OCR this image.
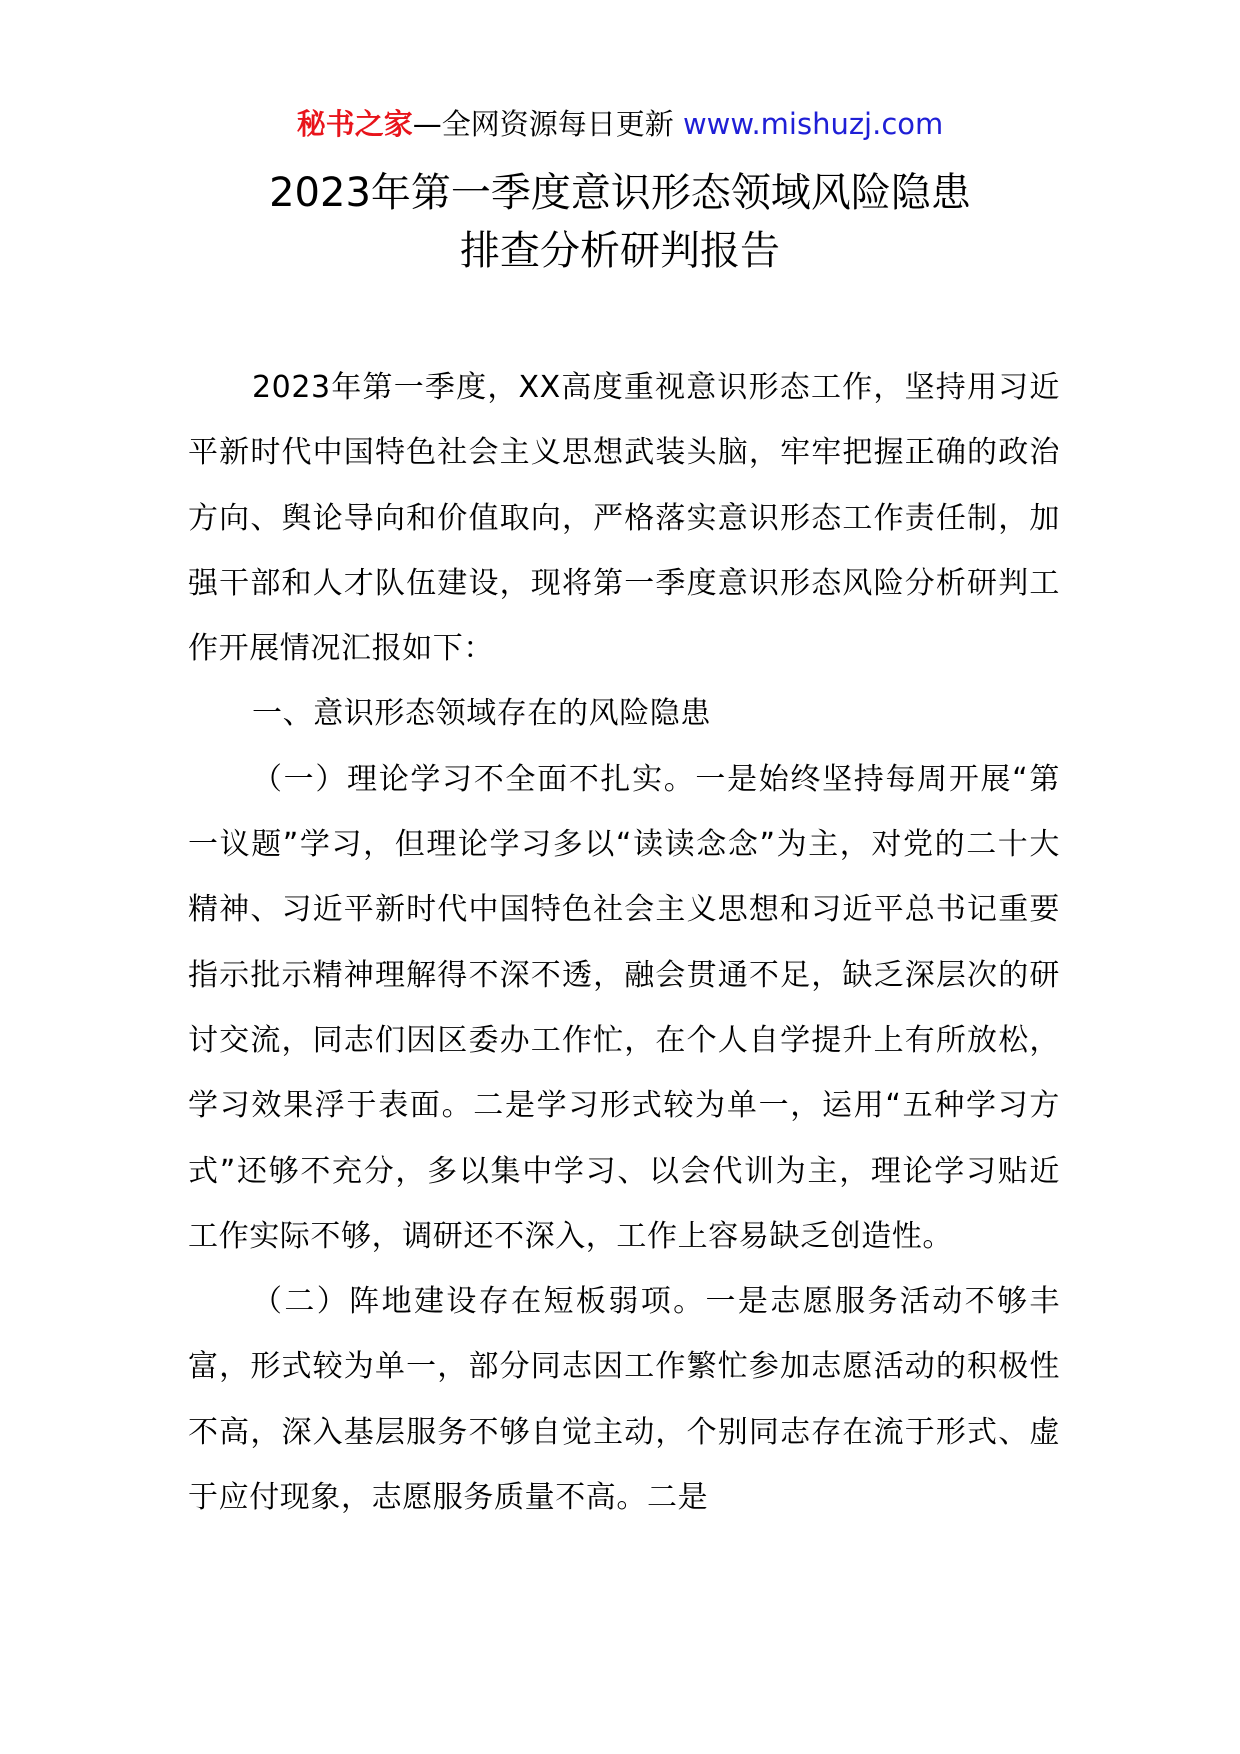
秘书之家—全网资源每日更新 www.mishuzj.com
2023年第一季度意识形态领域风险隐患
排查分析研判报告

2023年第一季度，XX高度重视意识形态工作，坚持用习近平新时代中国特色社会主义思想武装头脑，牢牢把握正确的政治方向、舆论导向和价值取向，严格落实意识形态工作责任制，加强干部和人才队伍建设，现将第一季度意识形态风险分析研判工作开展情况汇报如下：

一、意识形态领域存在的风险隐患

（一）理论学习不全面不扎实。一是始终坚持每周开展“第一议题”学习，但理论学习多以“读读念念”为主，对党的二十大精神、习近平新时代中国特色社会主义思想和习近平总书记重要指示批示精神理解得不深不透，融会贯通不足，缺乏深层次的研讨交流，同志们因区委办工作忙，在个人自学提升上有所放松，学习效果浮于表面。二是学习形式较为单一，运用“五种学习方式”还够不充分，多以集中学习、以会代训为主，理论学习贴近工作实际不够，调研还不深入，工作上容易缺乏创造性。

（二）阵地建设存在短板弱项。一是志愿服务活动不够丰富，形式较为单一，部分同志因工作繁忙参加志愿活动的积极性不高，深入基层服务不够自觉主动，个别同志存在流于形式、虚于应付现象，志愿服务质量不高。二是
